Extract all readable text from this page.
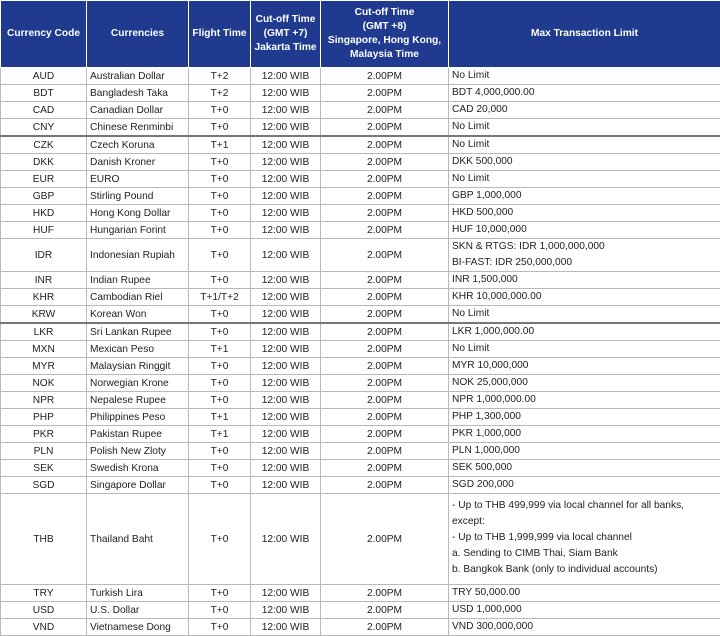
Currency Code	Currencies	Flight Time	Cut-off Time
(GMT +7)
Jakarta Time	Cut-off Time
(GMT +8)
Singapore, Hong Kong,
Malaysia Time	Max Transaction Limit
AUD	Australian Dollar	T+2	12:00 WIB	2.00PM	No Limit

BDT	Bangladesh Taka	T+2	12:00 WIB	2.00PM	BDT 4,000,000.00

CAD	Canadian Dollar	T+0	12:00 WIB	2.00PM	CAD 20,000

CNY	Chinese Renminbi	T+0	12:00 WIB	2.00PM	No Limit

CZK	Czech Koruna	T+1	12:00 WIB	2.00PM	No Limit

DKK	Danish Kroner	T+0	12:00 WIB	2.00PM	DKK 500,000

EUR	EURO	T+0	12:00 WIB	2.00PM	No Limit

GBP	Stirling Pound	T+0	12:00 WIB	2.00PM	GBP 1,000,000

HKD	Hong Kong Dollar	T+0	12:00 WIB	2.00PM	HKD 500,000

HUF	Hungarian Forint	T+0	12:00 WIB	2.00PM	HUF 10,000,000

IDR	Indonesian Rupiah	T+0	12:00 WIB	2.00PM	SKN & RTGS: IDR 1,000,000,000
BI-FAST: IDR 250,000,000

INR	Indian Rupee	T+0	12:00 WIB	2.00PM	INR 1,500,000

KHR	Cambodian Riel	T+1/T+2	12:00 WIB	2.00PM	KHR 10,000,000.00

KRW	Korean Won	T+0	12:00 WIB	2.00PM	No Limit

LKR	Sri Lankan Rupee	T+0	12:00 WIB	2.00PM	LKR 1,000,000.00

MXN	Mexican Peso	T+1	12:00 WIB	2.00PM	No Limit

MYR	Malaysian Ringgit	T+0	12:00 WIB	2.00PM	MYR 10,000,000

NOK	Norwegian Krone	T+0	12:00 WIB	2.00PM	NOK 25,000,000

NPR	Nepalese Rupee	T+0	12:00 WIB	2.00PM	NPR 1,000,000.00

PHP	Philippines Peso	T+1	12:00 WIB	2.00PM	PHP 1,300,000

PKR	Pakistan Rupee	T+1	12:00 WIB	2.00PM	PKR 1,000,000

PLN	Polish New Zloty	T+0	12:00 WIB	2.00PM	PLN 1,000,000

SEK	Swedish Krona	T+0	12:00 WIB	2.00PM	SEK 500,000

SGD	Singapore Dollar	T+0	12:00 WIB	2.00PM	SGD 200,000

THB	Thailand Baht	T+0	12:00 WIB	2.00PM	- Up to THB 499,999 via local channel for all banks,
except:
- Up to THB 1,999,999 via local channel
a. Sending to CIMB Thai, Siam Bank
b. Bangkok Bank (only to individual accounts)

TRY	Turkish Lira	T+0	12:00 WIB	2.00PM	TRY 50,000.00

USD	U.S. Dollar	T+0	12:00 WIB	2.00PM	USD 1,000,000

VND	Vietnamese Dong	T+0	12:00 WIB	2.00PM	VND 300,000,000
